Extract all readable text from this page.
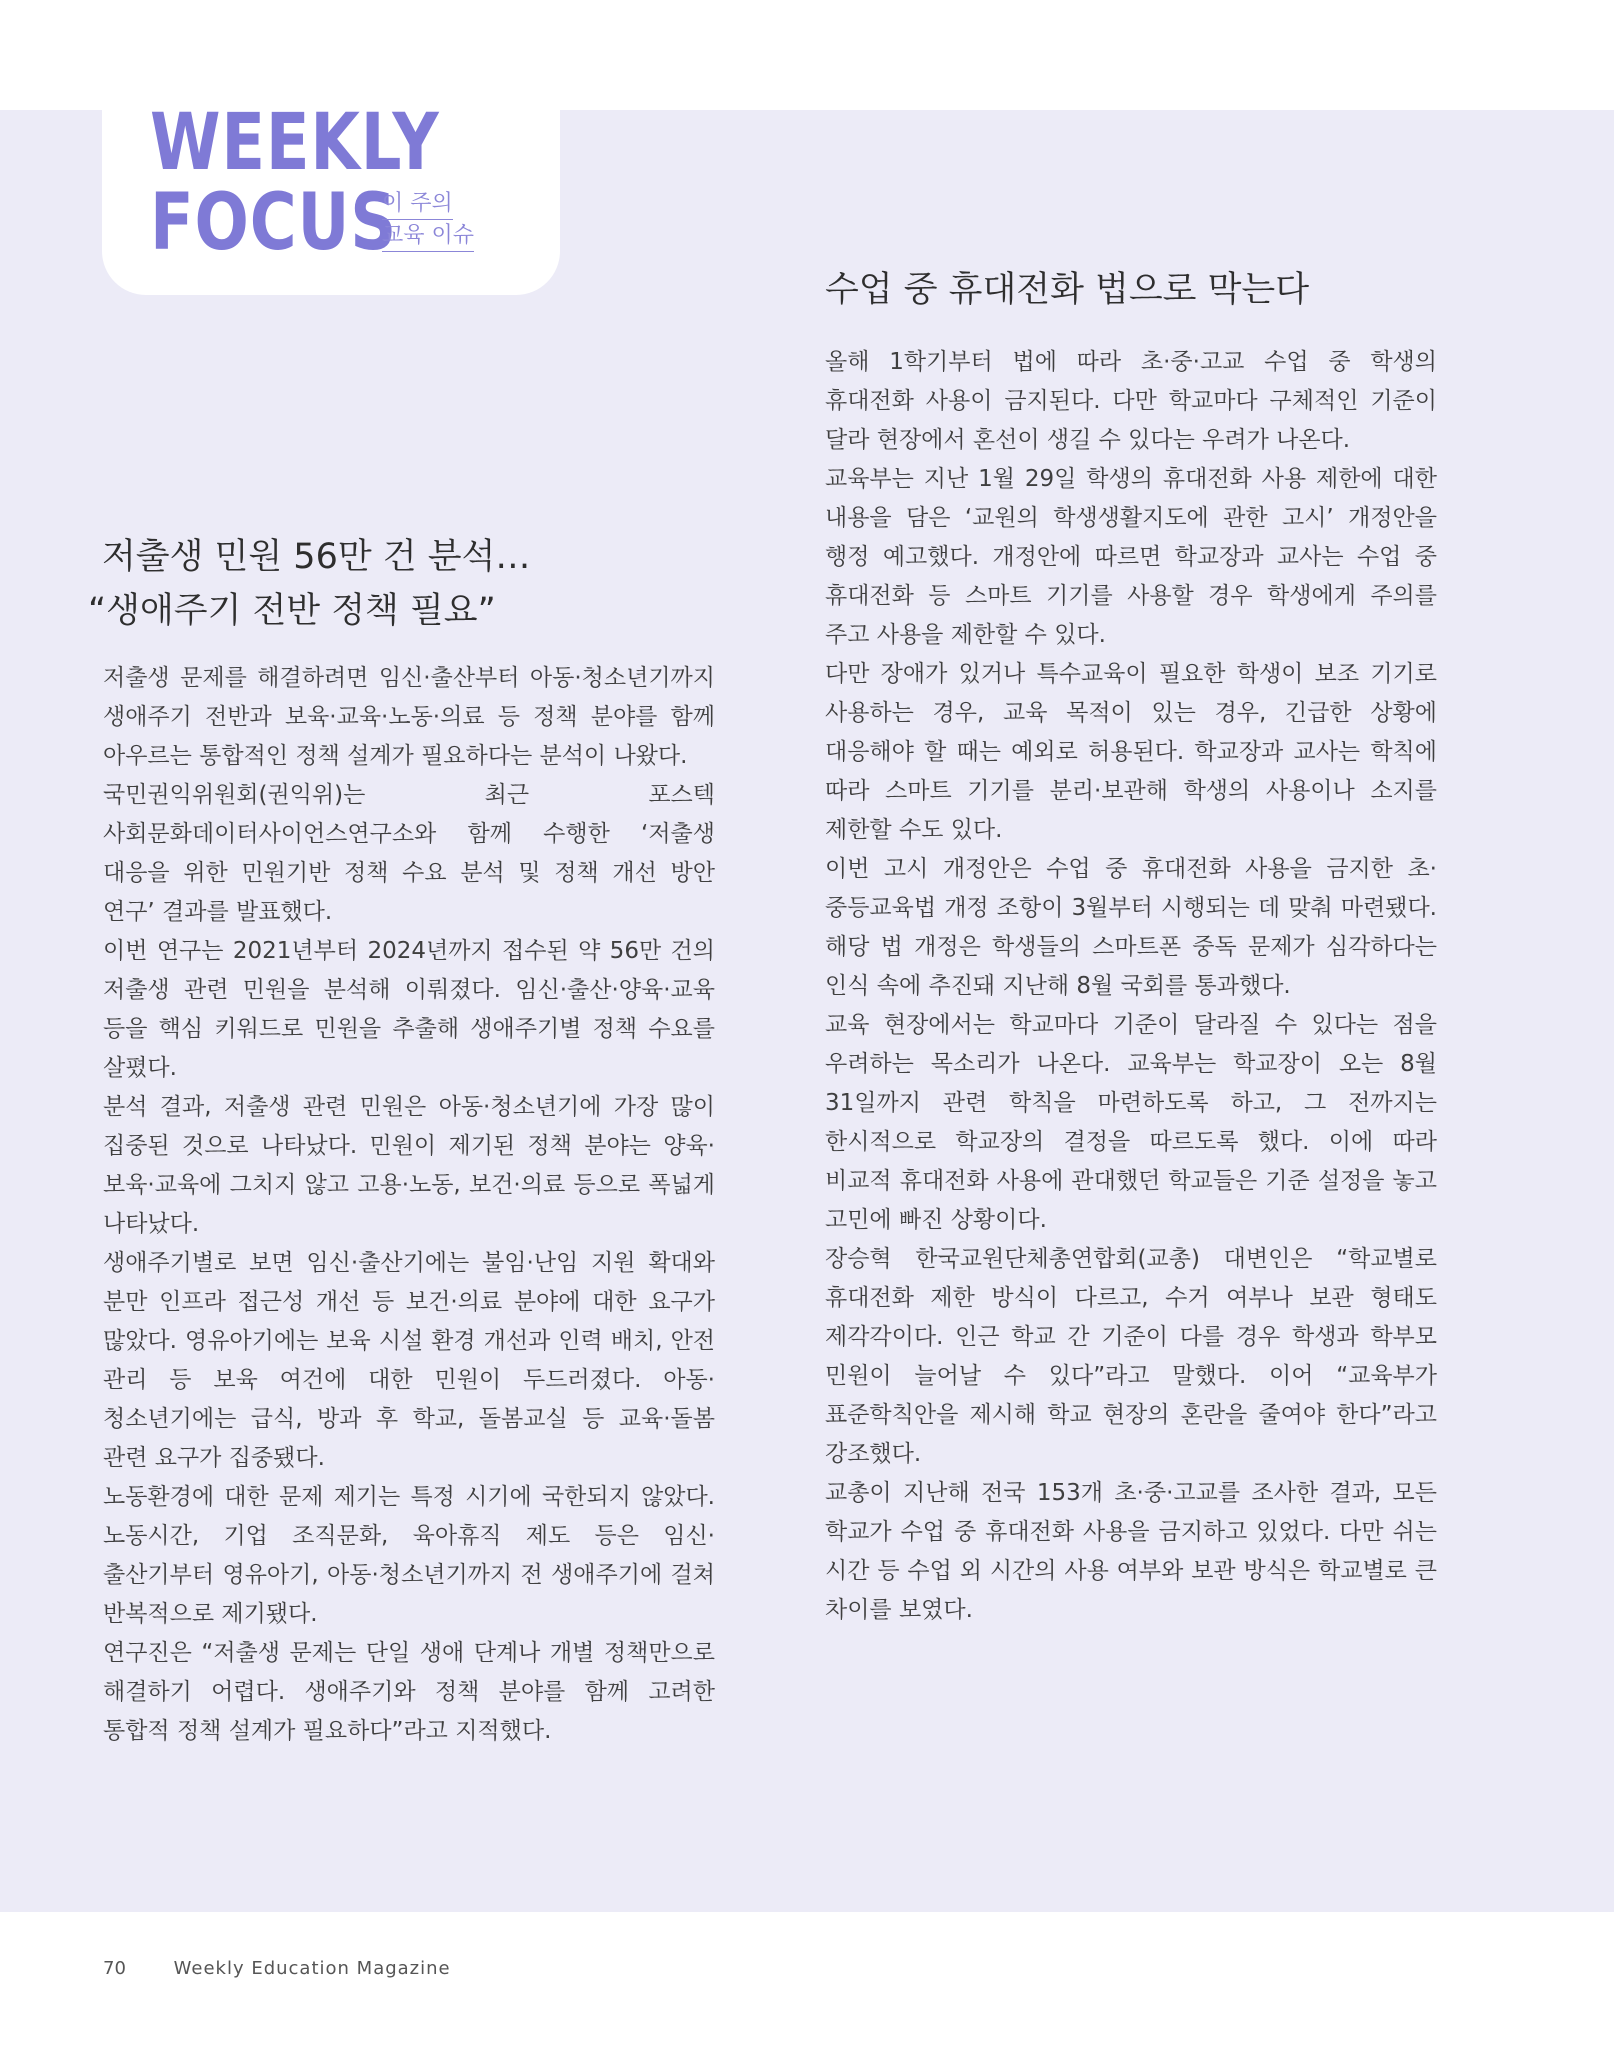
WEEKLY
FOCUS
이 주의
교육 이슈
수업 중 휴대전화 법으로 막는다

올해 1학기부터 법에 따라 초·중·고교 수업 중 학생의 휴대전화 사용이 금지된다. 다만 학교마다 구체적인 기준이 달라 현장에서 혼선이 생길 수 있다는 우려가 나온다.

교육부는 지난 1월 29일 학생의 휴대전화 사용 제한에 대한 내용을 담은 ‘교원의 학생생활지도에 관한 고시’ 개정안을 행정 예고했다. 개정안에 따르면 학교장과 교사는 수업 중 휴대전화 등 스마트 기기를 사용할 경우 학생에게 주의를 주고 사용을 제한할 수 있다.

다만 장애가 있거나 특수교육이 필요한 학생이 보조 기기로 사용하는 경우, 교육 목적이 있는 경우, 긴급한 상황에 대응해야 할 때는 예외로 허용된다. 학교장과 교사는 학칙에 따라 스마트 기기를 분리·보관해 학생의 사용이나 소지를 제한할 수도 있다.

이번 고시 개정안은 수업 중 휴대전화 사용을 금지한 초·중등교육법 개정 조항이 3월부터 시행되는 데 맞춰 마련됐다. 해당 법 개정은 학생들의 스마트폰 중독 문제가 심각하다는 인식 속에 추진돼 지난해 8월 국회를 통과했다.

교육 현장에서는 학교마다 기준이 달라질 수 있다는 점을 우려하는 목소리가 나온다. 교육부는 학교장이 오는 8월 31일까지 관련 학칙을 마련하도록 하고, 그 전까지는 한시적으로 학교장의 결정을 따르도록 했다. 이에 따라 비교적 휴대전화 사용에 관대했던 학교들은 기준 설정을 놓고 고민에 빠진 상황이다.

장승혁 한국교원단체총연합회(교총) 대변인은 “학교별로 휴대전화 제한 방식이 다르고, 수거 여부나 보관 형태도 제각각이다. 인근 학교 간 기준이 다를 경우 학생과 학부모 민원이 늘어날 수 있다”라고 말했다. 이어 “교육부가 표준학칙안을 제시해 학교 현장의 혼란을 줄여야 한다”라고 강조했다.

교총이 지난해 전국 153개 초·중·고교를 조사한 결과, 모든 학교가 수업 중 휴대전화 사용을 금지하고 있었다. 다만 쉬는 시간 등 수업 외 시간의 사용 여부와 보관 방식은 학교별로 큰 차이를 보였다.

저출생 민원 56만 건 분석…
“생애주기 전반 정책 필요”

저출생 문제를 해결하려면 임신·출산부터 아동·청소년기까지 생애주기 전반과 보육·교육·노동·의료 등 정책 분야를 함께 아우르는 통합적인 정책 설계가 필요하다는 분석이 나왔다.

국민권익위원회(권익위)는 최근 포스텍 사회문화데이터사이언스연구소와 함께 수행한 ‘저출생 대응을 위한 민원기반 정책 수요 분석 및 정책 개선 방안 연구’ 결과를 발표했다.

이번 연구는 2021년부터 2024년까지 접수된 약 56만 건의 저출생 관련 민원을 분석해 이뤄졌다. 임신·출산·양육·교육 등을 핵심 키워드로 민원을 추출해 생애주기별 정책 수요를 살폈다.

분석 결과, 저출생 관련 민원은 아동·청소년기에 가장 많이 집중된 것으로 나타났다. 민원이 제기된 정책 분야는 양육·보육·교육에 그치지 않고 고용·노동, 보건·의료 등으로 폭넓게 나타났다.

생애주기별로 보면 임신·출산기에는 불임·난임 지원 확대와 분만 인프라 접근성 개선 등 보건·의료 분야에 대한 요구가 많았다. 영유아기에는 보육 시설 환경 개선과 인력 배치, 안전 관리 등 보육 여건에 대한 민원이 두드러졌다. 아동·청소년기에는 급식, 방과 후 학교, 돌봄교실 등 교육·돌봄 관련 요구가 집중됐다.

노동환경에 대한 문제 제기는 특정 시기에 국한되지 않았다. 노동시간, 기업 조직문화, 육아휴직 제도 등은 임신·출산기부터 영유아기, 아동·청소년기까지 전 생애주기에 걸쳐 반복적으로 제기됐다.

연구진은 “저출생 문제는 단일 생애 단계나 개별 정책만으로 해결하기 어렵다. 생애주기와 정책 분야를 함께 고려한 통합적 정책 설계가 필요하다”라고 지적했다.

70	Weekly Education Magazine
